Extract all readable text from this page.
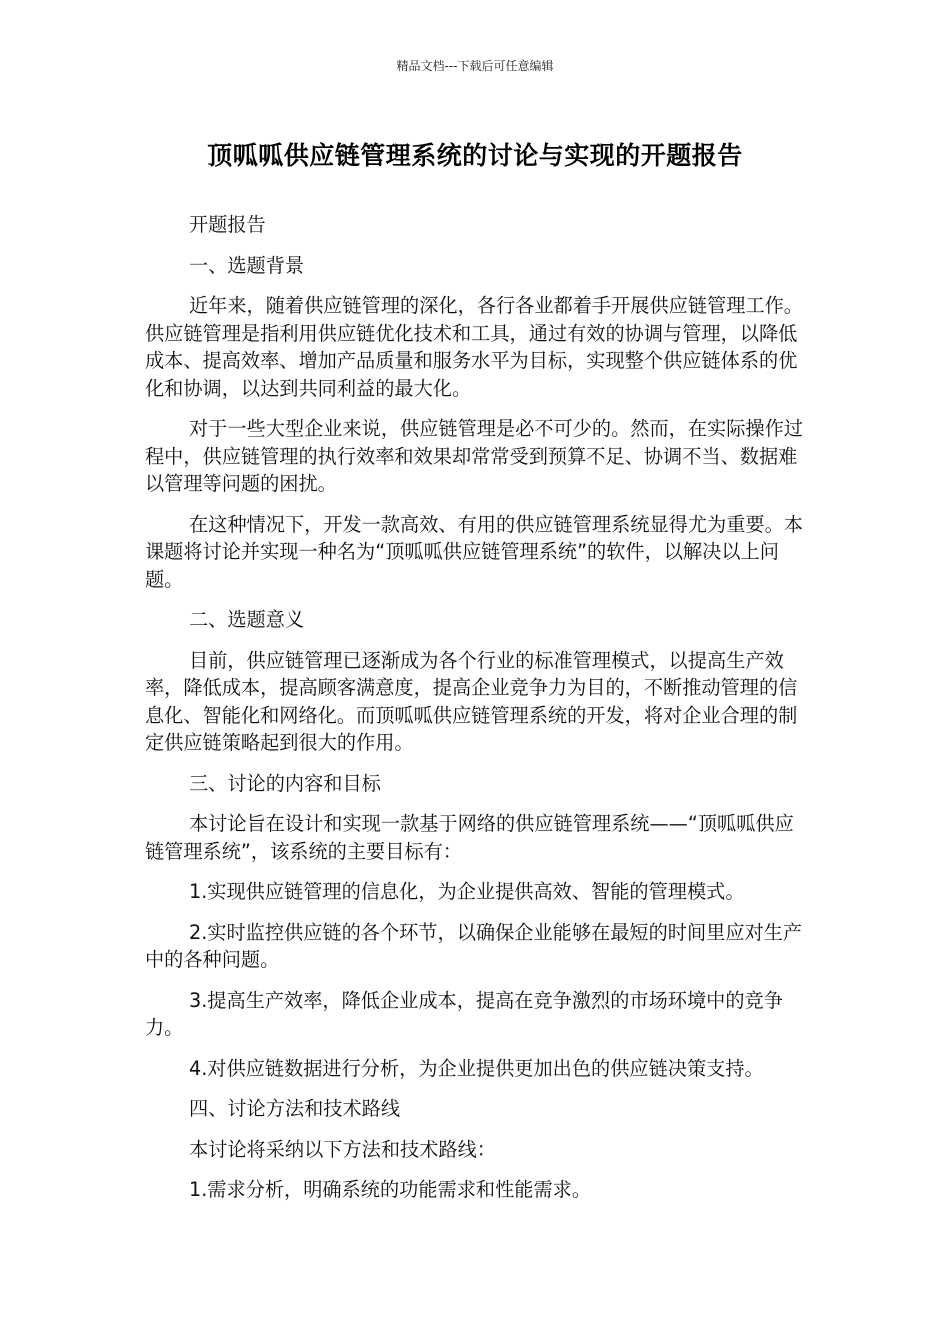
精品文档---下载后可任意编辑
顶呱呱供应链管理系统的讨论与实现的开题报告

开题报告

一、选题背景

近年来，随着供应链管理的深化，各行各业都着手开展供应链管理工作。供应链管理是指利用供应链优化技术和工具，通过有效的协调与管理，以降低成本、提高效率、增加产品质量和服务水平为目标，实现整个供应链体系的优化和协调，以达到共同利益的最大化。

对于一些大型企业来说，供应链管理是必不可少的。然而，在实际操作过程中，供应链管理的执行效率和效果却常常受到预算不足、协调不当、数据难以管理等问题的困扰。

在这种情况下，开发一款高效、有用的供应链管理系统显得尤为重要。本课题将讨论并实现一种名为“顶呱呱供应链管理系统”的软件，以解决以上问题。

二、选题意义

目前，供应链管理已逐渐成为各个行业的标准管理模式，以提高生产效率，降低成本，提高顾客满意度，提高企业竞争力为目的，不断推动管理的信息化、智能化和网络化。而顶呱呱供应链管理系统的开发，将对企业合理的制定供应链策略起到很大的作用。

三、讨论的内容和目标

本讨论旨在设计和实现一款基于网络的供应链管理系统——“顶呱呱供应链管理系统”，该系统的主要目标有：

1.实现供应链管理的信息化，为企业提供高效、智能的管理模式。

2.实时监控供应链的各个环节，以确保企业能够在最短的时间里应对生产中的各种问题。

3.提高生产效率，降低企业成本，提高在竞争激烈的市场环境中的竞争力。

4.对供应链数据进行分析，为企业提供更加出色的供应链决策支持。

四、讨论方法和技术路线

本讨论将采纳以下方法和技术路线：

1.需求分析，明确系统的功能需求和性能需求。
